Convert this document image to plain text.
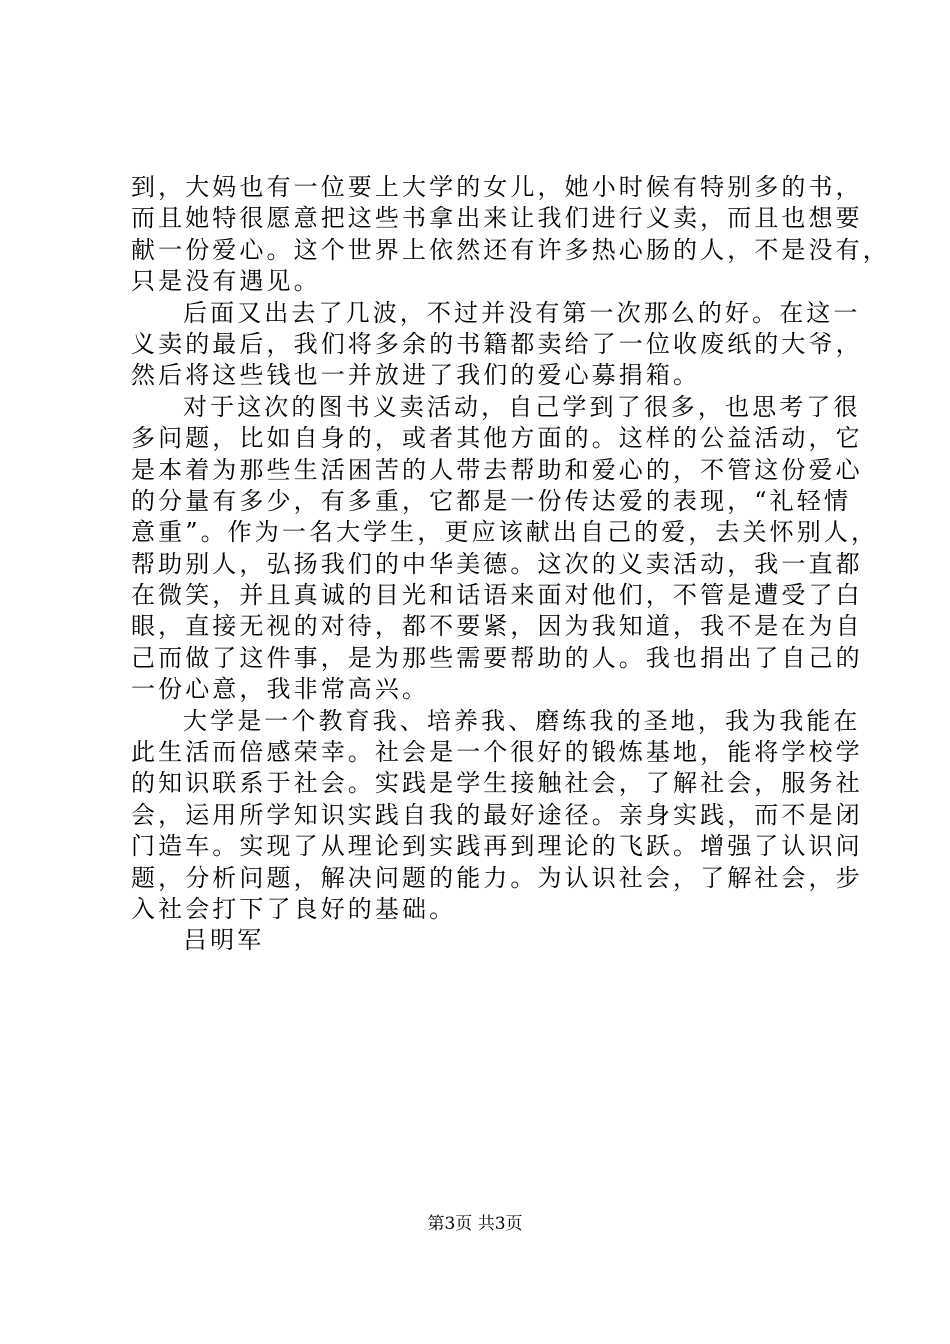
到，大妈也有一位要上大学的女儿，她小时候有特别多的书，
而且她特很愿意把这些书拿出来让我们进行义卖，而且也想要
献一份爱心。这个世界上依然还有许多热心肠的人，不是没有，
只是没有遇见。
后面又出去了几波，不过并没有第一次那么的好。在这一
义卖的最后，我们将多余的书籍都卖给了一位收废纸的大爷，
然后将这些钱也一并放进了我们的爱心募捐箱。
对于这次的图书义卖活动，自己学到了很多，也思考了很
多问题，比如自身的，或者其他方面的。这样的公益活动，它
是本着为那些生活困苦的人带去帮助和爱心的，不管这份爱心
的分量有多少，有多重，它都是一份传达爱的表现，“礼轻情
意重”。作为一名大学生，更应该献出自己的爱，去关怀别人，
帮助别人，弘扬我们的中华美德。这次的义卖活动，我一直都
在微笑，并且真诚的目光和话语来面对他们，不管是遭受了白
眼，直接无视的对待，都不要紧，因为我知道，我不是在为自
己而做了这件事，是为那些需要帮助的人。我也捐出了自己的
一份心意，我非常高兴。
大学是一个教育我、培养我、磨练我的圣地，我为我能在
此生活而倍感荣幸。社会是一个很好的锻炼基地，能将学校学
的知识联系于社会。实践是学生接触社会，了解社会，服务社
会，运用所学知识实践自我的最好途径。亲身实践，而不是闭
门造车。实现了从理论到实践再到理论的飞跃。增强了认识问
题，分析问题，解决问题的能力。为认识社会，了解社会，步
入社会打下了良好的基础。
吕明军
第3页 共3页
